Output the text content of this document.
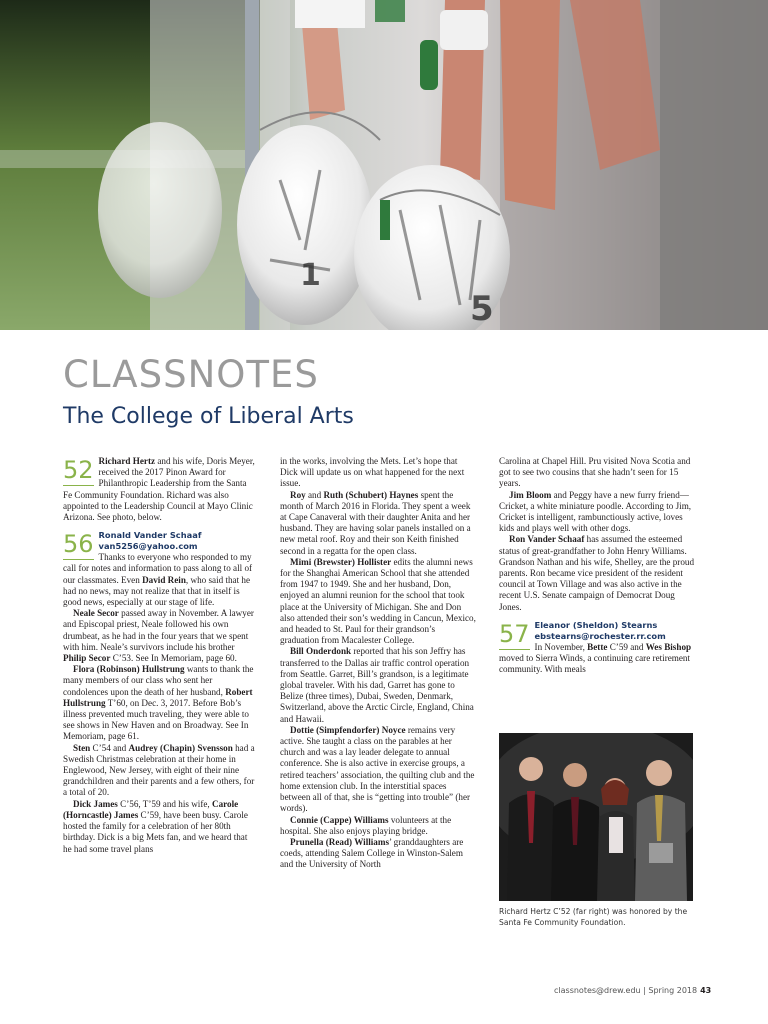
1
5
CLASSNOTES
The College of Liberal Arts
52 Richard Hertz and his wife, Doris Meyer, received the 2017 Pinon Award for Philanthropic Leadership from the Santa Fe Community Foundation. Richard was also appointed to the Leadership Council at Mayo Clinic Arizona. See photo, below.

56 Ronald Vander Schaaf
van5256@yahoo.com

Thanks to everyone who responded to my call for notes and information to pass along to all of our classmates. Even David Rein, who said that he had no news, may not realize that that in itself is good news, especially at our stage of life.

Neale Secor passed away in November. A lawyer and Episcopal priest, Neale followed his own drumbeat, as he had in the four years that we spent with him. Neale’s survivors include his brother Philip Secor C’53. See In Memoriam, page 60.

Flora (Robinson) Hullstrung wants to thank the many members of our class who sent her condolences upon the death of her husband, Robert Hullstrung T’60, on Dec. 3, 2017. Before Bob’s illness prevented much traveling, they were able to see shows in New Haven and on Broadway. See In Memoriam, page 61.

Sten C’54 and Audrey (Chapin) Svensson had a Swedish Christmas celebration at their home in Englewood, New Jersey, with eight of their nine grandchildren and their parents and a few others, for a total of 20.

Dick James C’56, T’59 and his wife, Carole (Horncastle) James C’59, have been busy. Carole hosted the family for a celebration of her 80th birthday. Dick is a big Mets fan, and we heard that he had some travel plans

in the works, involving the Mets. Let’s hope that Dick will update us on what happened for the next issue.

Roy and Ruth (Schubert) Haynes spent the month of March 2016 in Florida. They spent a week at Cape Canaveral with their daughter Anita and her husband. They are having solar panels installed on a new metal roof. Roy and their son Keith finished second in a regatta for the open class.

Mimi (Brewster) Hollister edits the alumni news for the Shanghai American School that she attended from 1947 to 1949. She and her husband, Don, enjoyed an alumni reunion for the school that took place at the University of Michigan. She and Don also attended their son’s wedding in Cancun, Mexico, and headed to St. Paul for their grandson’s graduation from Macalester College.

Bill Onderdonk reported that his son Jeffry has transferred to the Dallas air traffic control operation from Seattle. Garret, Bill’s grandson, is a legitimate global traveler. With his dad, Garret has gone to Belize (three times), Dubai, Sweden, Denmark, Switzerland, above the Arctic Circle, England, China and Hawaii.

Dottie (Simpfendorfer) Noyce remains very active. She taught a class on the parables at her church and was a lay leader delegate to annual conference. She is also active in exercise groups, a retired teachers’ association, the quilting club and the home extension club. In the interstitial spaces between all of that, she is “getting into trouble” (her words).

Connie (Cappe) Williams volunteers at the hospital. She also enjoys playing bridge.

Prunella (Read) Williams’ granddaughters are coeds, attending Salem College in Winston-Salem and the University of North

Carolina at Chapel Hill. Pru visited Nova Scotia and got to see two cousins that she hadn’t seen for 15 years.

Jim Bloom and Peggy have a new furry friend—Cricket, a white miniature poodle. According to Jim, Cricket is intelligent, rambunctiously active, loves kids and plays well with other dogs.

Ron Vander Schaaf has assumed the esteemed status of great-grandfather to John Henry Williams. Grandson Nathan and his wife, Shelley, are the proud parents. Ron became vice president of the resident council at Town Village and was also active in the recent U.S. Senate campaign of Democrat Doug Jones.

57 Eleanor (Sheldon) Stearns
ebstearns@rochester.rr.com

In November, Bette C’59 and Wes Bishop moved to Sierra Winds, a continuing care retirement community. With meals

Richard Hertz C’52 (far right) was honored by the Santa Fe Community Foundation.
classnotes@drew.edu | Spring 2018 43
